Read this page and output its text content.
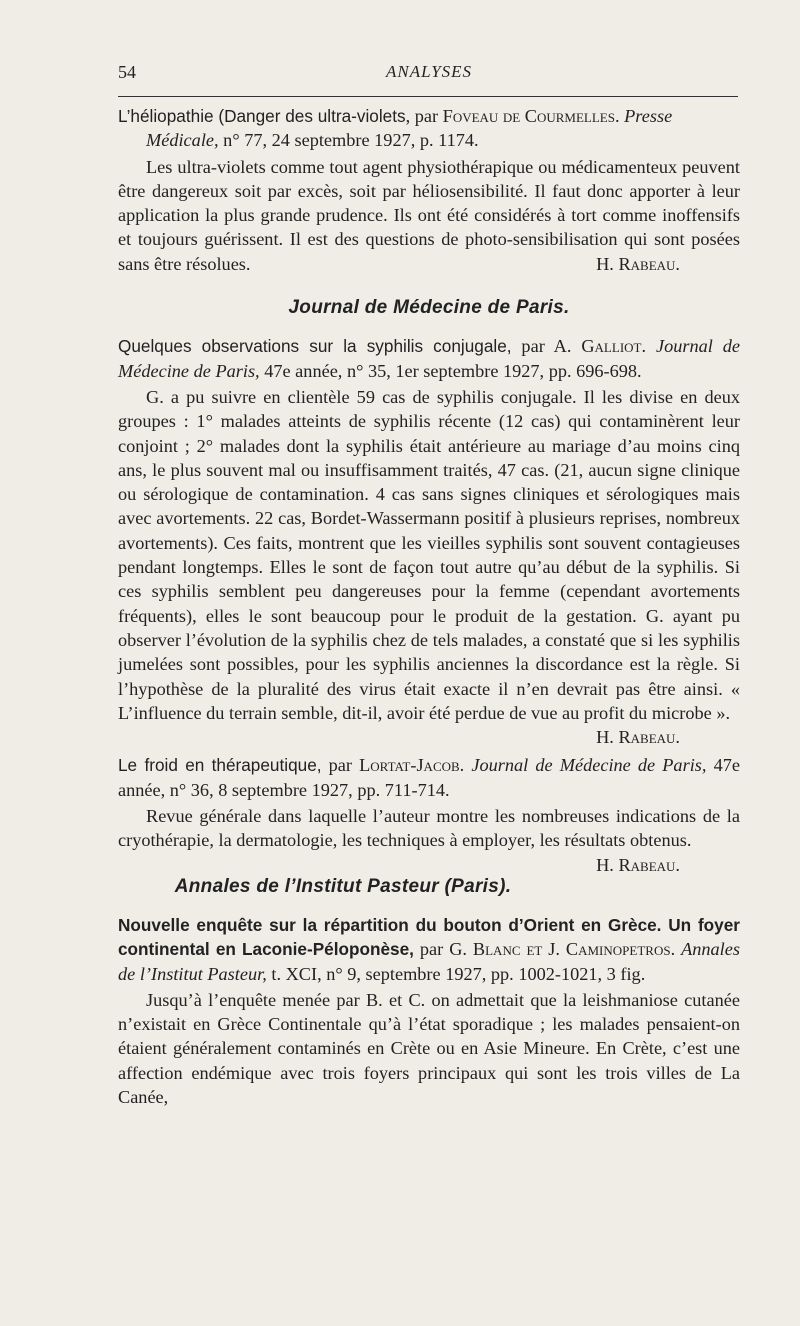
54	ANALYSES

L’héliopathie (Danger des ultra-violets, par Foveau de Courmelles. Presse
Médicale, n° 77, 24 septembre 1927, p. 1174.

Les ultra-violets comme tout agent physiothérapique ou médicamenteux peuvent être dangereux soit par excès, soit par héliosensibilité. Il faut donc apporter à leur application la plus grande prudence. Ils ont été considérés à tort comme inoffensifs et toujours guérissent. Il est des questions de photo-sensibilisation qui sont posées sans être résolues.	H. Rabeau.

Journal de Médecine de Paris.

Quelques observations sur la syphilis conjugale, par A. Galliot. Journal de Médecine de Paris, 47e année, n° 35, 1er septembre 1927, pp. 696-698.

G. a pu suivre en clientèle 59 cas de syphilis conjugale. Il les divise en deux groupes : 1° malades atteints de syphilis récente (12 cas) qui contaminèrent leur conjoint ; 2° malades dont la syphilis était antérieure au mariage d’au moins cinq ans, le plus souvent mal ou insuffisamment traités, 47 cas. (21, aucun signe clinique ou sérologique de contamination. 4 cas sans signes cliniques et sérologiques mais avec avortements. 22 cas, Bordet-Wassermann positif à plusieurs reprises, nombreux avortements). Ces faits, montrent que les vieilles syphilis sont souvent contagieuses pendant longtemps. Elles le sont de façon tout autre qu’au début de la syphilis. Si ces syphilis semblent peu dangereuses pour la femme (cependant avortements fréquents), elles le sont beaucoup pour le produit de la gestation. G. ayant pu observer l’évolution de la syphilis chez de tels malades, a constaté que si les syphilis jumelées sont possibles, pour les syphilis anciennes la discordance est la règle. Si l’hypothèse de la pluralité des virus était exacte il n’en devrait pas être ainsi. « L’influence du terrain semble, dit-il, avoir été perdue de vue au profit du microbe ».

H. Rabeau.

Le froid en thérapeutique, par Lortat-Jacob. Journal de Médecine de Paris, 47e année, n° 36, 8 septembre 1927, pp. 711-714.

Revue générale dans laquelle l’auteur montre les nombreuses indications de la cryothérapie, la dermatologie, les techniques à employer, les résultats obtenus.
H. Rabeau.

Annales de l’Institut Pasteur (Paris).

Nouvelle enquête sur la répartition du bouton d’Orient en Grèce. Un foyer continental en Laconie-Péloponèse, par G. Blanc et J. Caminopetros. Annales de l’Institut Pasteur, t. XCI, n° 9, septembre 1927, pp. 1002-1021, 3 fig.

Jusqu’à l’enquête menée par B. et C. on admettait que la leishmaniose cutanée n’existait en Grèce Continentale qu’à l’état sporadique ; les malades pensaient-on étaient généralement contaminés en Crète ou en Asie Mineure. En Crète, c’est une affection endémique avec trois foyers principaux qui sont les trois villes de La Canée,
